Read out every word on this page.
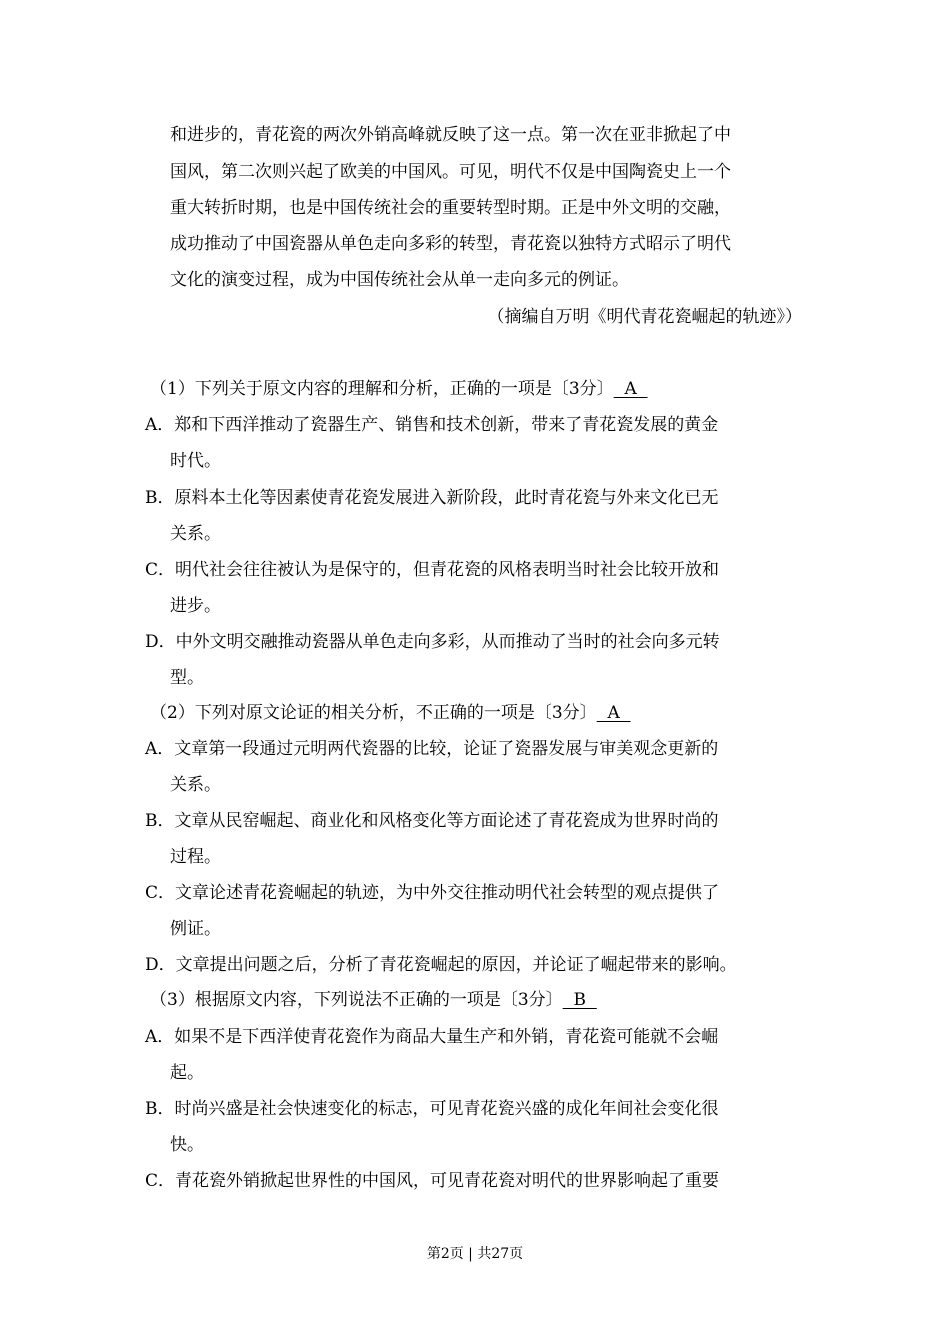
和进步的，青花瓷的两次外销高峰就反映了这一点。第一次在亚非掀起了中
国风，第二次则兴起了欧美的中国风。可见，明代不仅是中国陶瓷史上一个
重大转折时期，也是中国传统社会的重要转型时期。正是中外文明的交融，
成功推动了中国瓷器从单色走向多彩的转型，青花瓷以独特方式昭示了明代
文化的演变过程，成为中国传统社会从单一走向多元的例证。
（摘编自万明《明代青花瓷崛起的轨迹》）
（1）下列关于原文内容的理解和分析，正确的一项是〔3分〕  A
A．郑和下西洋推动了瓷器生产、销售和技术创新，带来了青花瓷发展的黄金
时代。
B．原料本土化等因素使青花瓷发展进入新阶段，此时青花瓷与外来文化已无
关系。
C．明代社会往往被认为是保守的，但青花瓷的风格表明当时社会比较开放和
进步。
D．中外文明交融推动瓷器从单色走向多彩，从而推动了当时的社会向多元转
型。
（2）下列对原文论证的相关分析，不正确的一项是〔3分〕  A
A．文章第一段通过元明两代瓷器的比较，论证了瓷器发展与审美观念更新的
关系。
B．文章从民窑崛起、商业化和风格变化等方面论述了青花瓷成为世界时尚的
过程。
C．文章论述青花瓷崛起的轨迹，为中外交往推动明代社会转型的观点提供了
例证。
D．文章提出问题之后，分析了青花瓷崛起的原因，并论证了崛起带来的影响。
（3）根据原文内容，下列说法不正确的一项是〔3分〕  B
A．如果不是下西洋使青花瓷作为商品大量生产和外销，青花瓷可能就不会崛
起。
B．时尚兴盛是社会快速变化的标志，可见青花瓷兴盛的成化年间社会变化很
快。
C．青花瓷外销掀起世界性的中国风，可见青花瓷对明代的世界影响起了重要
第2页 | 共27页
